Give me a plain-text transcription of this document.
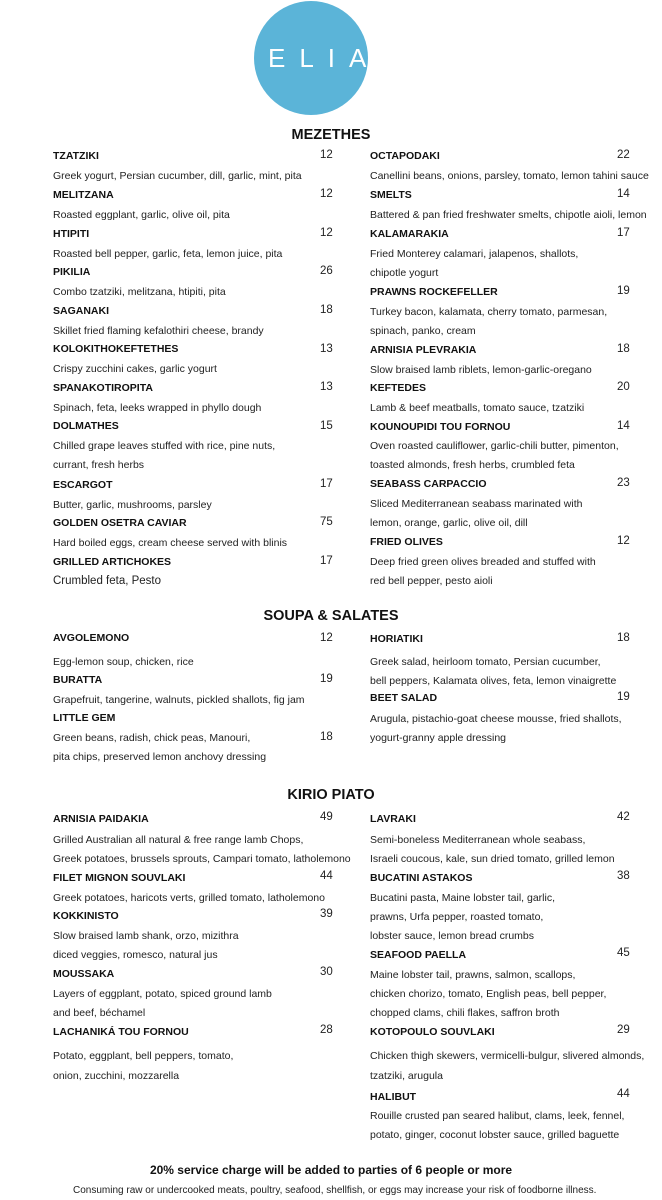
ELIA
MEZETHES
TZATZIKI	12
Greek yogurt, Persian cucumber, dill, garlic, mint, pita
MELITZANA	12
Roasted eggplant, garlic, olive oil, pita
HTIPITI	12
Roasted bell pepper, garlic, feta, lemon juice, pita
PIKILIA	26
Combo tzatziki, melitzana, htipiti, pita
SAGANAKI	18
Skillet fried flaming kefalothiri cheese, brandy
KOLOKITHOKEFTETHES	13
Crispy zucchini cakes, garlic yogurt
SPANAKOTIROPITA	13
Spinach, feta, leeks wrapped in phyllo dough
DOLMATHES	15
Chilled grape leaves stuffed with rice, pine nuts,
currant, fresh herbs
ESCARGOT	17
Butter, garlic, mushrooms, parsley
GOLDEN OSETRA CAVIAR	75
Hard boiled eggs, cream cheese served with blinis
GRILLED ARTICHOKES	17
Crumbled feta, Pesto
OCTAPODAKI	22
Canellini beans, onions, parsley, tomato, lemon tahini sauce
SMELTS	14
Battered & pan fried freshwater smelts, chipotle aioli, lemon
KALAMARAKIA	17
Fried Monterey calamari, jalapenos, shallots,
chipotle yogurt
PRAWNS ROCKEFELLER	19
Turkey bacon, kalamata, cherry tomato, parmesan,
spinach, panko, cream
ARNISIA PLEVRAKIA	18
Slow braised lamb riblets, lemon-garlic-oregano
KEFTEDES	20
Lamb & beef meatballs, tomato sauce, tzatziki
KOUNOUPIDI TOU FORNOU	14
Oven roasted cauliflower, garlic-chili butter, pimenton,
toasted almonds, fresh herbs, crumbled feta
SEABASS CARPACCIO	23
Sliced Mediterranean seabass marinated with
lemon, orange, garlic, olive oil, dill
FRIED OLIVES	12
Deep fried green olives breaded and stuffed with
red bell pepper, pesto aioli
SOUPA & SALATES
AVGOLEMONO	12
Egg-lemon soup, chicken, rice
BURATTA	19
Grapefruit, tangerine, walnuts, pickled shallots, fig jam
LITTLE GEM
18
Green beans, radish, chick peas, Manouri,
pita chips, preserved lemon anchovy dressing
HORIATIKI	18
Greek salad, heirloom tomato, Persian cucumber,
bell peppers, Kalamata olives, feta, lemon vinaigrette
BEET SALAD	19
Arugula, pistachio-goat cheese mousse, fried shallots,
yogurt-granny apple dressing
KIRIO PIATO
ARNISIA PAIDAKIA	49
Grilled Australian all natural & free range lamb Chops,
Greek potatoes, brussels sprouts, Campari tomato, latholemono
FILET MIGNON SOUVLAKI	44
Greek potatoes, haricots verts, grilled tomato, latholemono
KOKKINISTO	39
Slow braised lamb shank, orzo, mizithra
diced veggies, romesco, natural jus
MOUSSAKA	30
Layers of eggplant, potato, spiced ground lamb
and beef, béchamel
LACHANIKÁ TOU FORNOU	28
Potato, eggplant, bell peppers, tomato,
onion, zucchini, mozzarella
LAVRAKI	42
Semi-boneless Mediterranean whole seabass,
Israeli coucous, kale, sun dried tomato, grilled lemon
BUCATINI ASTAKOS	38
Bucatini pasta, Maine lobster tail, garlic,
prawns, Urfa pepper, roasted tomato,
lobster sauce, lemon bread crumbs
SEAFOOD PAELLA	45
Maine lobster tail, prawns, salmon, scallops,
chicken chorizo, tomato, English peas, bell pepper,
chopped clams, chili flakes, saffron broth
KOTOPOULO SOUVLAKI	29
Chicken thigh skewers, vermicelli-bulgur, slivered almonds,
tzatziki, arugula
HALIBUT	44
Rouille crusted pan seared halibut, clams, leek, fennel,
potato, ginger, coconut lobster sauce, grilled baguette
20% service charge will be added to parties of 6 people or more
Consuming raw or undercooked meats, poultry, seafood, shellfish, or eggs may increase your risk of foodborne illness.
